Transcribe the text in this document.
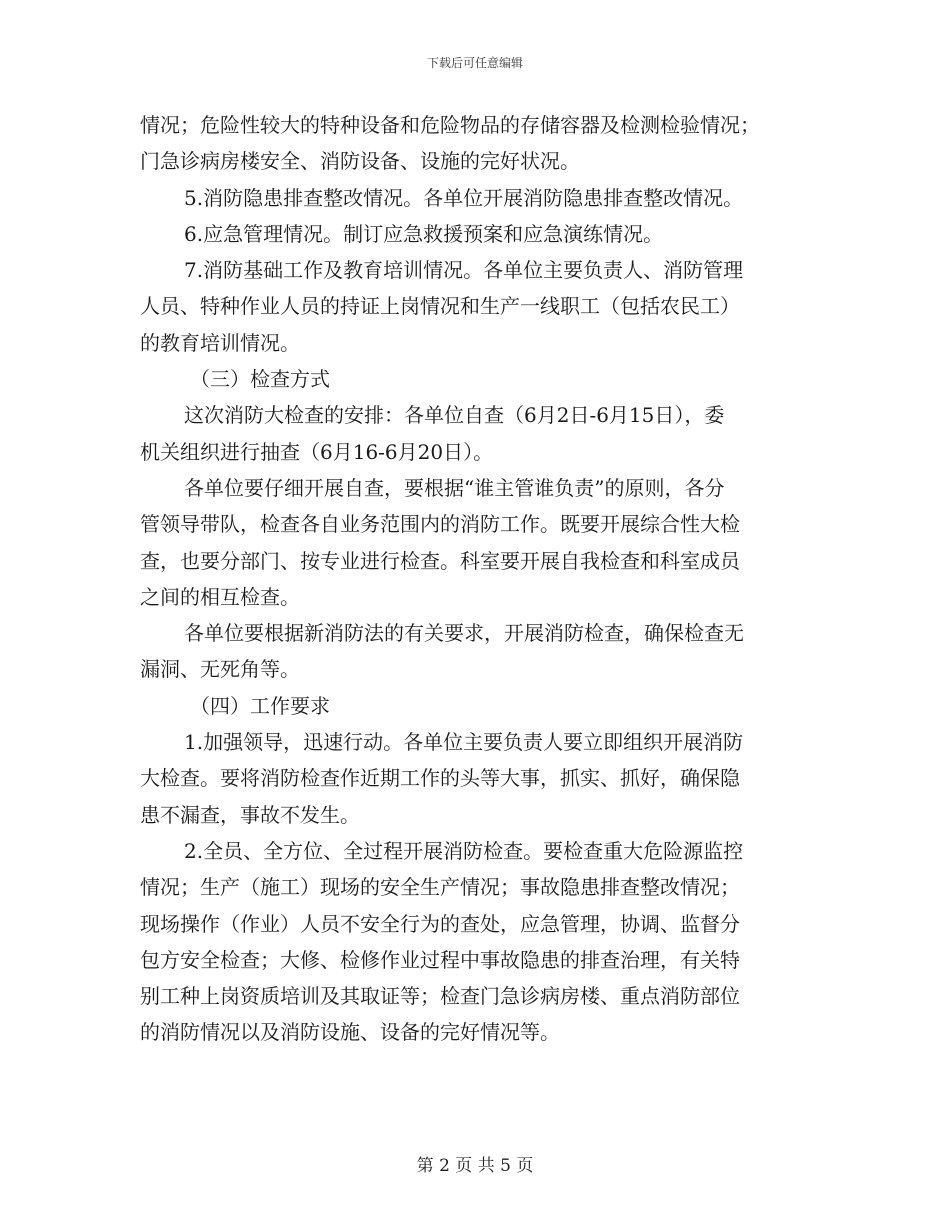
下载后可任意编辑
情况；危险性较大的特种设备和危险物品的存储容器及检测检验情况；
门急诊病房楼安全、消防设备、设施的完好状况。
5.消防隐患排查整改情况。各单位开展消防隐患排查整改情况。
6.应急管理情况。制订应急救援预案和应急演练情况。
7.消防基础工作及教育培训情况。各单位主要负责人、消防管理
人员、特种作业人员的持证上岗情况和生产一线职工（包括农民工）
的教育培训情况。
（三）检查方式
这次消防大检查的安排：各单位自查（6月2日-6月15日），委
机关组织进行抽查（6月16-6月20日）。
各单位要仔细开展自查，要根据“谁主管谁负责”的原则，各分
管领导带队，检查各自业务范围内的消防工作。既要开展综合性大检
查，也要分部门、按专业进行检查。科室要开展自我检查和科室成员
之间的相互检查。
各单位要根据新消防法的有关要求，开展消防检查，确保检查无
漏洞、无死角等。
（四）工作要求
1.加强领导，迅速行动。各单位主要负责人要立即组织开展消防
大检查。要将消防检查作近期工作的头等大事，抓实、抓好，确保隐
患不漏查，事故不发生。
2.全员、全方位、全过程开展消防检查。要检查重大危险源监控
情况；生产（施工）现场的安全生产情况；事故隐患排查整改情况；
现场操作（作业）人员不安全行为的查处，应急管理，协调、监督分
包方安全检查；大修、检修作业过程中事故隐患的排查治理，有关特
别工种上岗资质培训及其取证等；检查门急诊病房楼、重点消防部位
的消防情况以及消防设施、设备的完好情况等。
第 2 页 共 5 页
